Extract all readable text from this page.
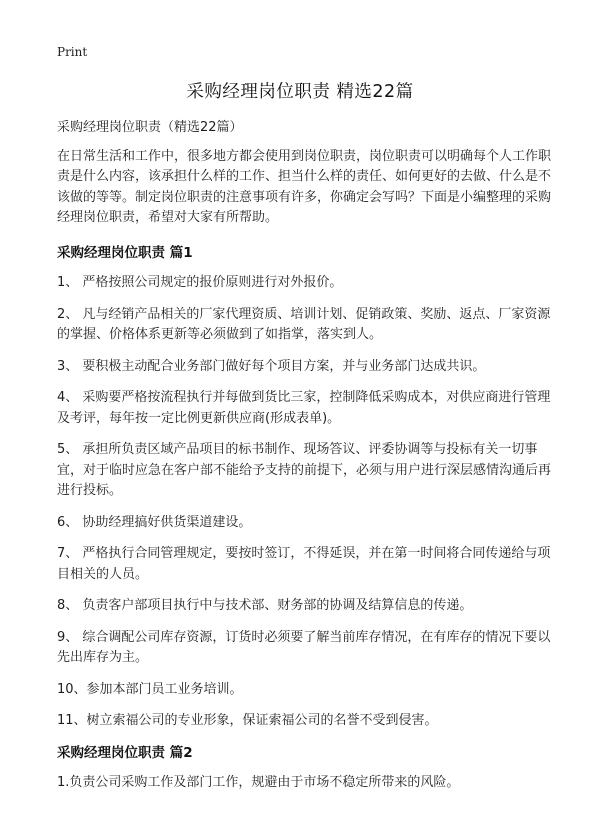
Print
采购经理岗位职责 精选22篇

采购经理岗位职责（精选22篇）

在日常生活和工作中，很多地方都会使用到岗位职责，岗位职责可以明确每个人工作职责是什么内容，该承担什么样的工作、担当什么样的责任、如何更好的去做、什么是不该做的等等。制定岗位职责的注意事项有许多，你确定会写吗？下面是小编整理的采购经理岗位职责，希望对大家有所帮助。

采购经理岗位职责 篇1

1、 严格按照公司规定的报价原则进行对外报价。

2、 凡与经销产品相关的厂家代理资质、培训计划、促销政策、奖励、返点、厂家资源的掌握、价格体系更新等必须做到了如指掌，落实到人。

3、 要积极主动配合业务部门做好每个项目方案，并与业务部门达成共识。

4、 采购要严格按流程执行并每做到货比三家，控制降低采购成本，对供应商进行管理及考评，每年按一定比例更新供应商(形成表单)。

5、 承担所负责区域产品项目的标书制作、现场答议、评委协调等与投标有关一切事宜，对于临时应急在客户部不能给予支持的前提下，必须与用户进行深层感情沟通后再进行投标。

6、 协助经理搞好供货渠道建设。

7、 严格执行合同管理规定，要按时签订，不得延误，并在第一时间将合同传递给与项目相关的人员。

8、 负责客户部项目执行中与技术部、财务部的协调及结算信息的传递。

9、 综合调配公司库存资源，订货时必须要了解当前库存情况，在有库存的情况下要以先出库存为主。

10、参加本部门员工业务培训。

11、树立索福公司的专业形象，保证索福公司的名誉不受到侵害。

采购经理岗位职责 篇2

1.负责公司采购工作及部门工作，规避由于市场不稳定所带来的风险。
